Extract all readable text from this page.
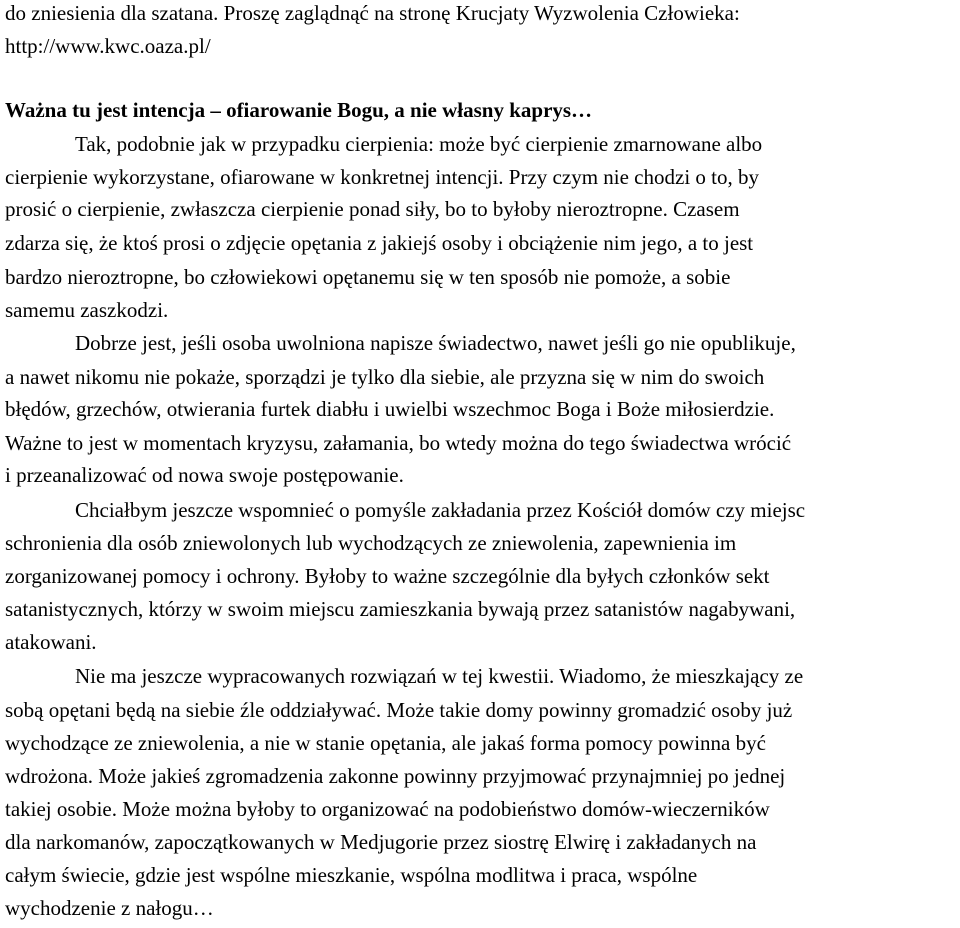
do zniesienia dla szatana. Proszę zaglądnąć na stronę Krucjaty Wyzwolenia Człowieka:
http://www.kwc.oaza.pl/
Ważna tu jest intencja – ofiarowanie Bogu, a nie własny kaprys…
Tak, podobnie jak w przypadku cierpienia: może być cierpienie zmarnowane albo
cierpienie wykorzystane, ofiarowane w konkretnej intencji. Przy czym nie chodzi o to, by
prosić o cierpienie, zwłaszcza cierpienie ponad siły, bo to byłoby nieroztropne. Czasem
zdarza się, że ktoś prosi o zdjęcie opętania z jakiejś osoby i obciążenie nim jego, a to jest
bardzo nieroztropne, bo człowiekowi opętanemu się w ten sposób nie pomoże, a sobie
samemu zaszkodzi.
Dobrze jest, jeśli osoba uwolniona napisze świadectwo, nawet jeśli go nie opublikuje,
a nawet nikomu nie pokaże, sporządzi je tylko dla siebie, ale przyzna się w nim do swoich
błędów, grzechów, otwierania furtek diabłu i uwielbi wszechmoc Boga i Boże miłosierdzie.
Ważne to jest w momentach kryzysu, załamania, bo wtedy można do tego świadectwa wrócić
i przeanalizować od nowa swoje postępowanie.
Chciałbym jeszcze wspomnieć o pomyśle zakładania przez Kościół domów czy miejsc
schronienia dla osób zniewolonych lub wychodzących ze zniewolenia, zapewnienia im
zorganizowanej pomocy i ochrony. Byłoby to ważne szczególnie dla byłych członków sekt
satanistycznych, którzy w swoim miejscu zamieszkania bywają przez satanistów nagabywani,
atakowani.
Nie ma jeszcze wypracowanych rozwiązań w tej kwestii. Wiadomo, że mieszkający ze
sobą opętani będą na siebie źle oddziaływać. Może takie domy powinny gromadzić osoby już
wychodzące ze zniewolenia, a nie w stanie opętania, ale jakaś forma pomocy powinna być
wdrożona. Może jakieś zgromadzenia zakonne powinny przyjmować przynajmniej po jednej
takiej osobie. Może można byłoby to organizować na podobieństwo domów-wieczerników
dla narkomanów, zapoczątkowanych w Medjugorie przez siostrę Elwirę i zakładanych na
całym świecie, gdzie jest wspólne mieszkanie, wspólna modlitwa i praca, wspólne
wychodzenie z nałogu…
